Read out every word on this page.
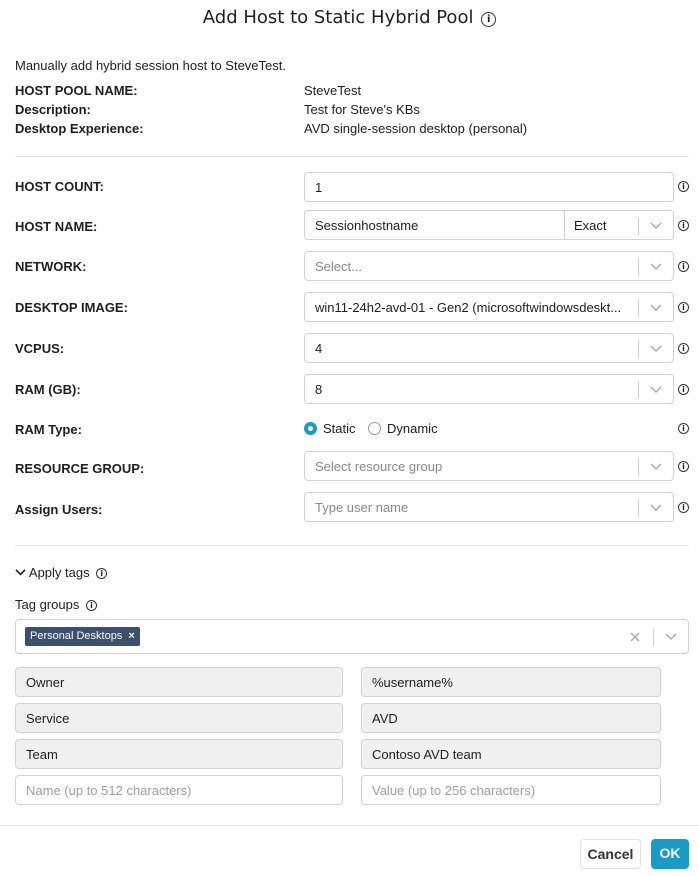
Add Host to Static Hybrid Pool i
Manually add hybrid session host to SteveTest.
HOST POOL NAME:	SteveTest
Description:	Test for Steve's KBs
Desktop Experience:	AVD single-session desktop (personal)
HOST COUNT:	1	i
HOST NAME:	Sessionhostname	Exact	i
NETWORK:	Select...	i
DESKTOP IMAGE:	win11-24h2-avd-01 - Gen2 (microsoftwindowsdeskt...	i
VCPUS:	4	i
RAM (GB):	8	i
RAM Type:	Static Dynamic	i
RESOURCE GROUP:	Select resource group	i
Assign Users:	Type user name	i
Apply tags i
Tag groups i
Personal Desktops ×
Owner	%username%
Service	AVD
Team	Contoso AVD team
Name (up to 512 characters)	Value (up to 256 characters)
Cancel	OK
